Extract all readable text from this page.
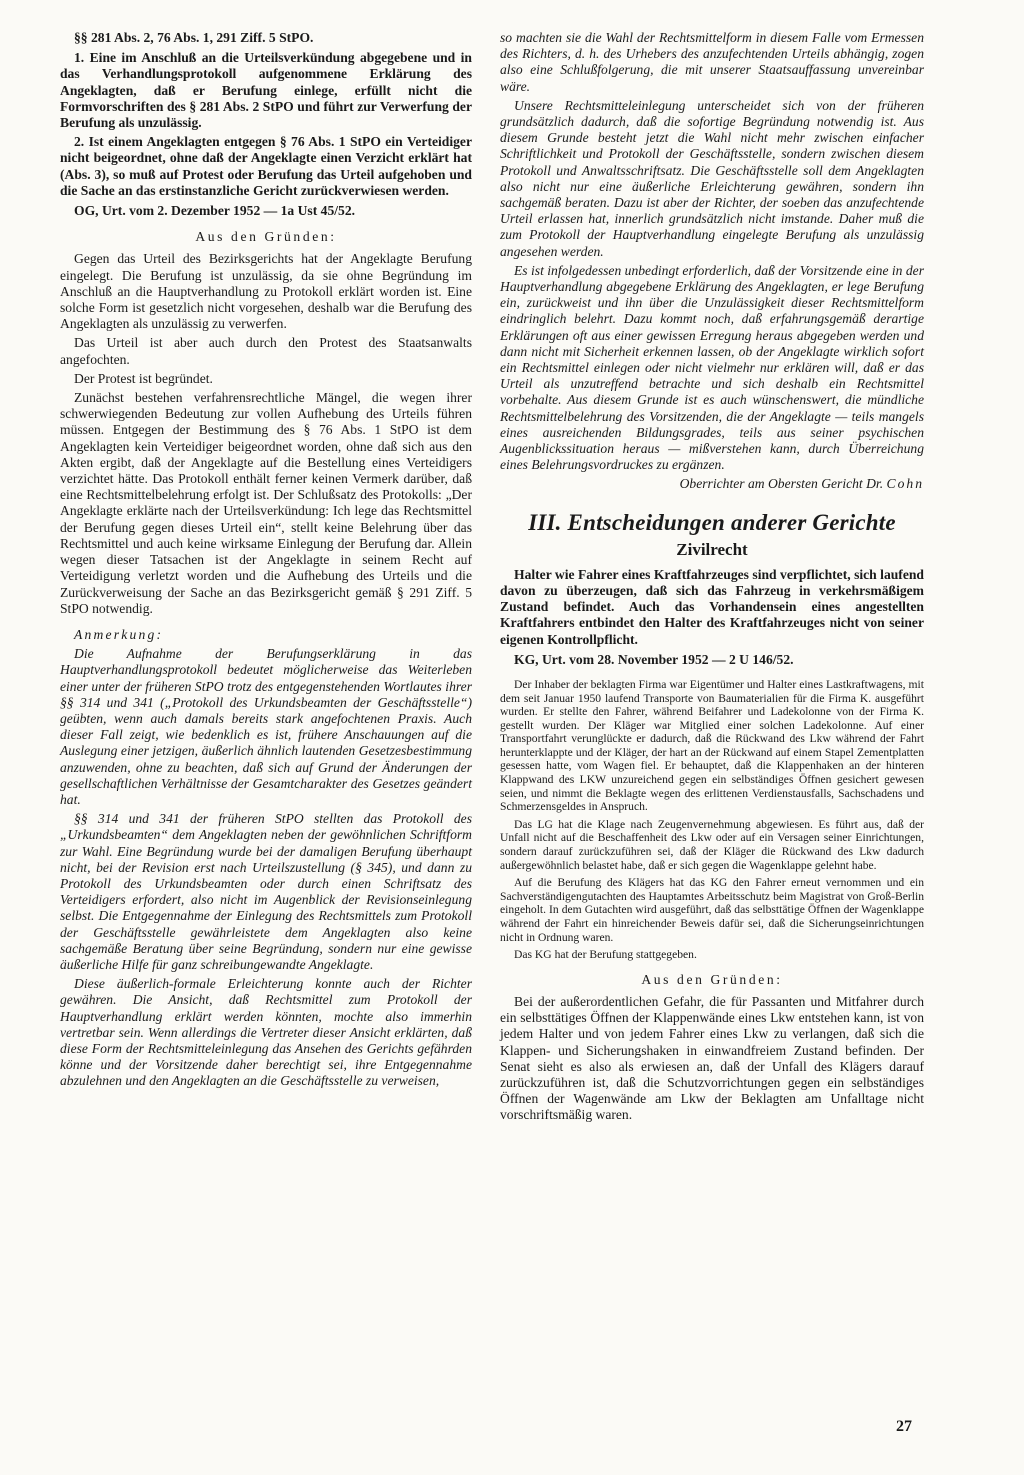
§§ 281 Abs. 2, 76 Abs. 1, 291 Ziff. 5 StPO.

1. Eine im Anschluß an die Urteilsverkündung abgegebene und in das Verhandlungsprotokoll aufgenommene Erklärung des Angeklagten, daß er Berufung einlege, erfüllt nicht die Formvorschriften des § 281 Abs. 2 StPO und führt zur Verwerfung der Berufung als unzulässig.

2. Ist einem Angeklagten entgegen § 76 Abs. 1 StPO ein Verteidiger nicht beigeordnet, ohne daß der Angeklagte einen Verzicht erklärt hat (Abs. 3), so muß auf Protest oder Berufung das Urteil aufgehoben und die Sache an das erstinstanzliche Gericht zurückverwiesen werden.

OG, Urt. vom 2. Dezember 1952 — 1a Ust 45/52.

Aus den Gründen:

Gegen das Urteil des Bezirksgerichts hat der Angeklagte Berufung eingelegt. Die Berufung ist unzulässig, da sie ohne Begründung im Anschluß an die Hauptverhandlung zu Protokoll erklärt worden ist. Eine solche Form ist gesetzlich nicht vorgesehen, deshalb war die Berufung des Angeklagten als unzulässig zu verwerfen.

Das Urteil ist aber auch durch den Protest des Staatsanwalts angefochten.

Der Protest ist begründet.

Zunächst bestehen verfahrensrechtliche Mängel, die wegen ihrer schwerwiegenden Bedeutung zur vollen Aufhebung des Urteils führen müssen. Entgegen der Bestimmung des § 76 Abs. 1 StPO ist dem Angeklagten kein Verteidiger beigeordnet worden, ohne daß sich aus den Akten ergibt, daß der Angeklagte auf die Bestellung eines Verteidigers verzichtet hätte. Das Protokoll enthält ferner keinen Vermerk darüber, daß eine Rechtsmittelbelehrung erfolgt ist. Der Schlußsatz des Protokolls: „Der Angeklagte erklärte nach der Urteilsverkündung: Ich lege das Rechtsmittel der Berufung gegen dieses Urteil ein“, stellt keine Belehrung über das Rechtsmittel und auch keine wirksame Einlegung der Berufung dar. Allein wegen dieser Tatsachen ist der Angeklagte in seinem Recht auf Verteidigung verletzt worden und die Aufhebung des Urteils und die Zurückverweisung der Sache an das Bezirksgericht gemäß § 291 Ziff. 5 StPO notwendig.

Anmerkung:

Die Aufnahme der Berufungserklärung in das Hauptverhandlungsprotokoll bedeutet möglicherweise das Weiterleben einer unter der früheren StPO trotz des entgegenstehenden Wortlautes ihrer §§ 314 und 341 („Protokoll des Urkundsbeamten der Geschäftsstelle“) geübten, wenn auch damals bereits stark angefochtenen Praxis. Auch dieser Fall zeigt, wie bedenklich es ist, frühere Anschauungen auf die Auslegung einer jetzigen, äußerlich ähnlich lautenden Gesetzesbestimmung anzuwenden, ohne zu beachten, daß sich auf Grund der Änderungen der gesellschaftlichen Verhältnisse der Gesamtcharakter des Gesetzes geändert hat.

§§ 314 und 341 der früheren StPO stellten das Protokoll des „Urkundsbeamten“ dem Angeklagten neben der gewöhnlichen Schriftform zur Wahl. Eine Begründung wurde bei der damaligen Berufung überhaupt nicht, bei der Revision erst nach Urteilszustellung (§ 345), und dann zu Protokoll des Urkundsbeamten oder durch einen Schriftsatz des Verteidigers erfordert, also nicht im Augenblick der Revisionseinlegung selbst. Die Entgegennahme der Einlegung des Rechtsmittels zum Protokoll der Geschäftsstelle gewährleistete dem Angeklagten also keine sachgemäße Beratung über seine Begründung, sondern nur eine gewisse äußerliche Hilfe für ganz schreibungewandte Angeklagte.

Diese äußerlich-formale Erleichterung konnte auch der Richter gewähren. Die Ansicht, daß Rechtsmittel zum Protokoll der Hauptverhandlung erklärt werden könnten, mochte also immerhin vertretbar sein. Wenn allerdings die Vertreter dieser Ansicht erklärten, daß diese Form der Rechtsmitteleinlegung das Ansehen des Gerichts gefährden könne und der Vorsitzende daher berechtigt sei, ihre Entgegennahme abzulehnen und den Angeklagten an die Geschäftsstelle zu verweisen,

so machten sie die Wahl der Rechtsmittelform in diesem Falle vom Ermessen des Richters, d. h. des Urhebers des anzufechtenden Urteils abhängig, zogen also eine Schlußfolgerung, die mit unserer Staatsauffassung unvereinbar wäre.

Unsere Rechtsmitteleinlegung unterscheidet sich von der früheren grundsätzlich dadurch, daß die sofortige Begründung notwendig ist. Aus diesem Grunde besteht jetzt die Wahl nicht mehr zwischen einfacher Schriftlichkeit und Protokoll der Geschäftsstelle, sondern zwischen diesem Protokoll und Anwaltsschriftsatz. Die Geschäftsstelle soll dem Angeklagten also nicht nur eine äußerliche Erleichterung gewähren, sondern ihn sachgemäß beraten. Dazu ist aber der Richter, der soeben das anzufechtende Urteil erlassen hat, innerlich grundsätzlich nicht imstande. Daher muß die zum Protokoll der Hauptverhandlung eingelegte Berufung als unzulässig angesehen werden.

Es ist infolgedessen unbedingt erforderlich, daß der Vorsitzende eine in der Hauptverhandlung abgegebene Erklärung des Angeklagten, er lege Berufung ein, zurückweist und ihn über die Unzulässigkeit dieser Rechtsmittelform eindringlich belehrt. Dazu kommt noch, daß erfahrungsgemäß derartige Erklärungen oft aus einer gewissen Erregung heraus abgegeben werden und dann nicht mit Sicherheit erkennen lassen, ob der Angeklagte wirklich sofort ein Rechtsmittel einlegen oder nicht vielmehr nur erklären will, daß er das Urteil als unzutreffend betrachte und sich deshalb ein Rechtsmittel vorbehalte. Aus diesem Grunde ist es auch wünschenswert, die mündliche Rechtsmittelbelehrung des Vorsitzenden, die der Angeklagte — teils mangels eines ausreichenden Bildungsgrades, teils aus seiner psychischen Augenblickssituation heraus — mißverstehen kann, durch Überreichung eines Belehrungsvordruckes zu ergänzen.

Oberrichter am Obersten Gericht Dr. Cohn

III. Entscheidungen anderer Gerichte

Zivilrecht

Halter wie Fahrer eines Kraftfahrzeuges sind verpflichtet, sich laufend davon zu überzeugen, daß sich das Fahrzeug in verkehrsmäßigem Zustand befindet. Auch das Vorhandensein eines angestellten Kraftfahrers entbindet den Halter des Kraftfahrzeuges nicht von seiner eigenen Kontrollpflicht.

KG, Urt. vom 28. November 1952 — 2 U 146/52.

Der Inhaber der beklagten Firma war Eigentümer und Halter eines Lastkraftwagens, mit dem seit Januar 1950 laufend Transporte von Baumaterialien für die Firma K. ausgeführt wurden. Er stellte den Fahrer, während Beifahrer und Ladekolonne von der Firma K. gestellt wurden. Der Kläger war Mitglied einer solchen Ladekolonne. Auf einer Transportfahrt verunglückte er dadurch, daß die Rückwand des Lkw während der Fahrt herunterklappte und der Kläger, der hart an der Rückwand auf einem Stapel Zementplatten gesessen hatte, vom Wagen fiel. Er behauptet, daß die Klappenhaken an der hinteren Klappwand des LKW unzureichend gegen ein selbständiges Öffnen gesichert gewesen seien, und nimmt die Beklagte wegen des erlittenen Verdienstausfalls, Sachschadens und Schmerzensgeldes in Anspruch.

Das LG hat die Klage nach Zeugenvernehmung abgewiesen. Es führt aus, daß der Unfall nicht auf die Beschaffenheit des Lkw oder auf ein Versagen seiner Einrichtungen, sondern darauf zurückzuführen sei, daß der Kläger die Rückwand des Lkw dadurch außergewöhnlich belastet habe, daß er sich gegen die Wagenklappe gelehnt habe.

Auf die Berufung des Klägers hat das KG den Fahrer erneut vernommen und ein Sachverständigengutachten des Hauptamtes Arbeitsschutz beim Magistrat von Groß-Berlin eingeholt. In dem Gutachten wird ausgeführt, daß das selbsttätige Öffnen der Wagenklappe während der Fahrt ein hinreichender Beweis dafür sei, daß die Sicherungseinrichtungen nicht in Ordnung waren.

Das KG hat der Berufung stattgegeben.

Aus den Gründen:

Bei der außerordentlichen Gefahr, die für Passanten und Mitfahrer durch ein selbsttätiges Öffnen der Klappenwände eines Lkw entstehen kann, ist von jedem Halter und von jedem Fahrer eines Lkw zu verlangen, daß sich die Klappen- und Sicherungshaken in einwandfreiem Zustand befinden. Der Senat sieht es also als erwiesen an, daß der Unfall des Klägers darauf zurückzuführen ist, daß die Schutzvorrichtungen gegen ein selbständiges Öffnen der Wagenwände am Lkw der Beklagten am Unfalltage nicht vorschriftsmäßig waren.

27
